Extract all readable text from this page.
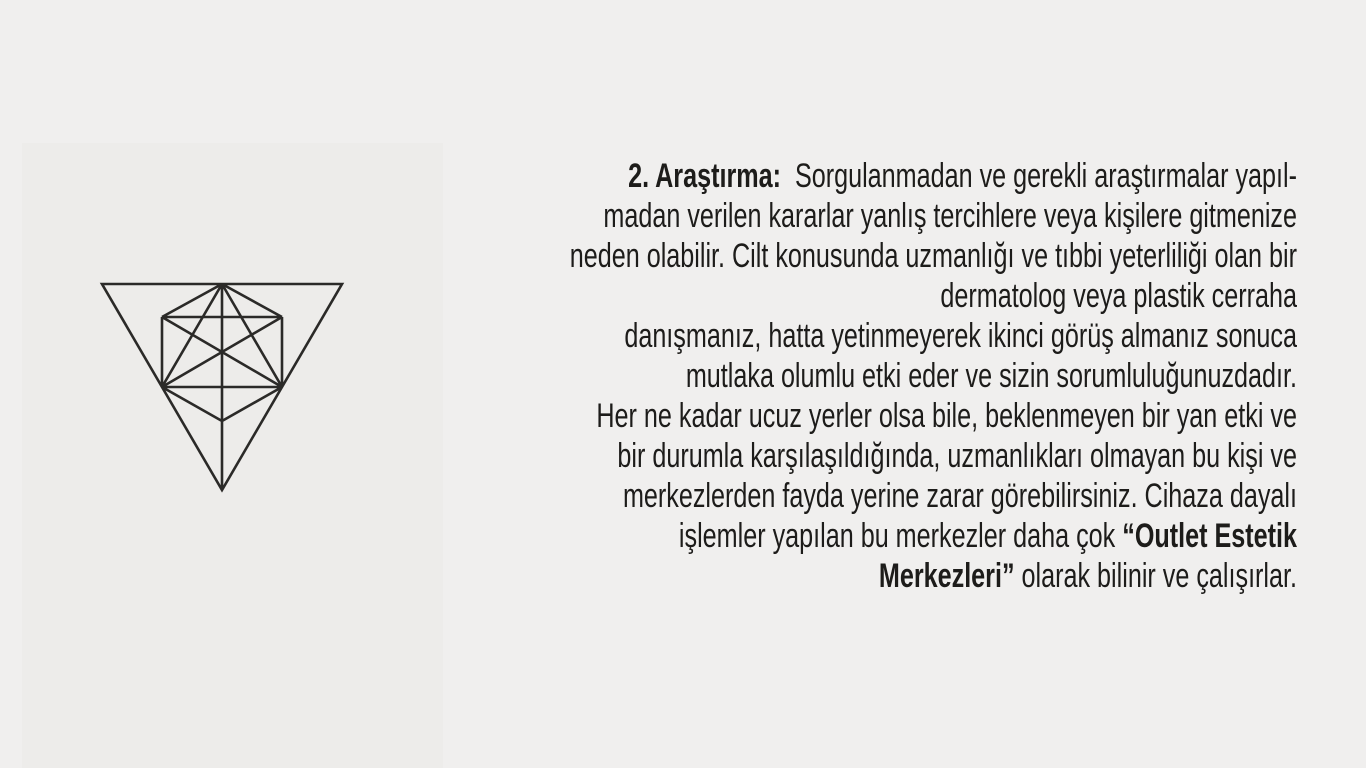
2. Araştırma:  Sorgulanmadan ve gerekli araştırmalar yapıl-
madan verilen kararlar yanlış tercihlere veya kişilere gitmenize
neden olabilir. Cilt konusunda uzmanlığı ve tıbbi yeterliliği olan bir
dermatolog veya plastik cerraha
danışmanız, hatta yetinmeyerek ikinci görüş almanız sonuca
mutlaka olumlu etki eder ve sizin sorumluluğunuzdadır.
Her ne kadar ucuz yerler olsa bile, beklenmeyen bir yan etki ve
bir durumla karşılaşıldığında, uzmanlıkları olmayan bu kişi ve
merkezlerden fayda yerine zarar görebilirsiniz. Cihaza dayalı
işlemler yapılan bu merkezler daha çok “Outlet Estetik
Merkezleri” olarak bilinir ve çalışırlar.
